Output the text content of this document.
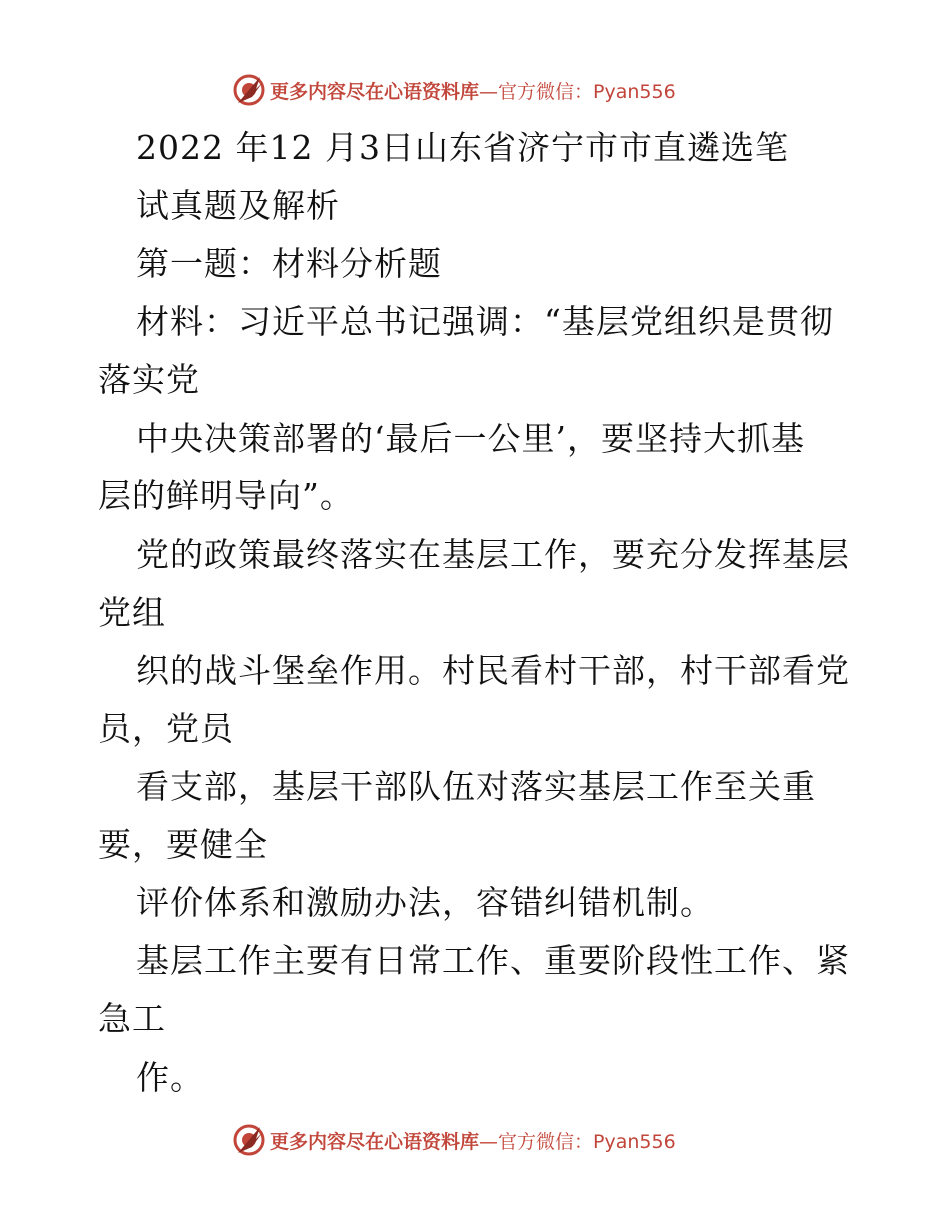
更多内容尽在心语资料库 —官方微信：Pyan556
2022 年12 月3日山东省济宁市市直遴选笔
试真题及解析
第一题：材料分析题
材料：习近平总书记强调：“基层党组织是贯彻
落实党
中央决策部署的‘最后一公里’，要坚持大抓基
层的鲜明导向”。
党的政策最终落实在基层工作，要充分发挥基层
党组
织的战斗堡垒作用。村民看村干部，村干部看党
员，党员
看支部，基层干部队伍对落实基层工作至关重
要，要健全
评价体系和激励办法，容错纠错机制。
基层工作主要有日常工作、重要阶段性工作、紧
急工
作。
更多内容尽在心语资料库 —官方微信：Pyan556
